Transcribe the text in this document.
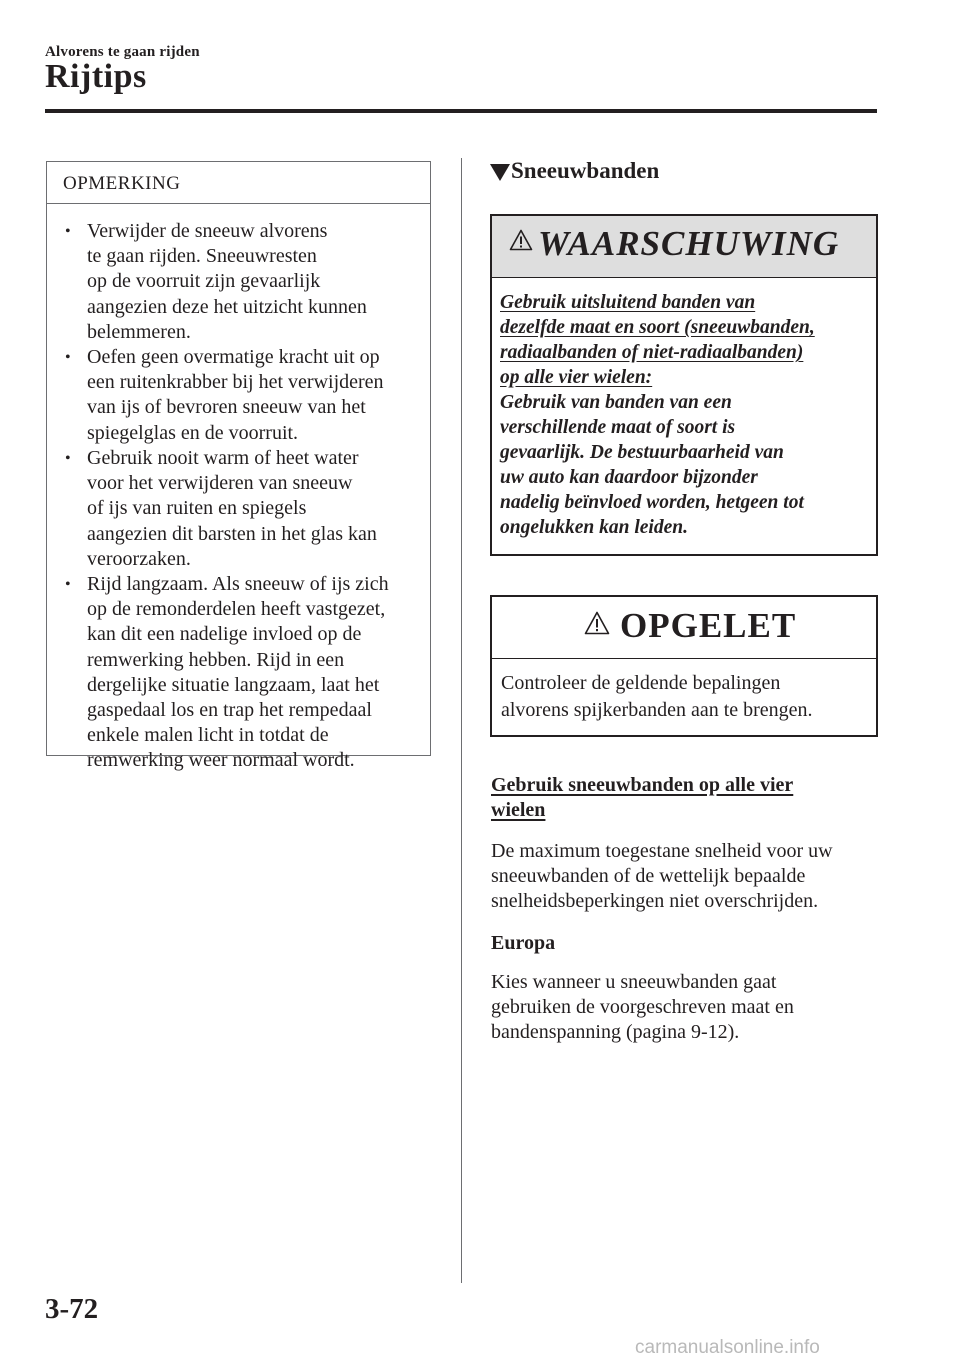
Alvorens te gaan rijden
Rijtips
OPMERKING
• Verwijder de sneeuw alvorens
te gaan rijden. Sneeuwresten
op de voorruit zijn gevaarlijk
aangezien deze het uitzicht kunnen
belemmeren.
• Oefen geen overmatige kracht uit op
een ruitenkrabber bij het verwijderen
van ijs of bevroren sneeuw van het
spiegelglas en de voorruit.
• Gebruik nooit warm of heet water
voor het verwijderen van sneeuw
of ijs van ruiten en spiegels
aangezien dit barsten in het glas kan
veroorzaken.
• Rijd langzaam. Als sneeuw of ijs zich
op de remonderdelen heeft vastgezet,
kan dit een nadelige invloed op de
remwerking hebben. Rijd in een
dergelijke situatie langzaam, laat het
gaspedaal los en trap het rempedaal
enkele malen licht in totdat de
remwerking weer normaal wordt.
Sneeuwbanden
WAARSCHUWING
Gebruik uitsluitend banden van
dezelfde maat en soort (sneeuwbanden,
radiaalbanden of niet-radiaalbanden)
op alle vier wielen:
Gebruik van banden van een
verschillende maat of soort is
gevaarlijk. De bestuurbaarheid van
uw auto kan daardoor bijzonder
nadelig beïnvloed worden, hetgeen tot
ongelukken kan leiden.
OPGELET
Controleer de geldende bepalingen
alvorens spijkerbanden aan te brengen.
Gebruik sneeuwbanden op alle vier
wielen
De maximum toegestane snelheid voor uw
sneeuwbanden of de wettelijk bepaalde
snelheidsbeperkingen niet overschrijden.
Europa
Kies wanneer u sneeuwbanden gaat
gebruiken de voorgeschreven maat en
bandenspanning (pagina 9-12).
3-72
carmanualsonline.info
